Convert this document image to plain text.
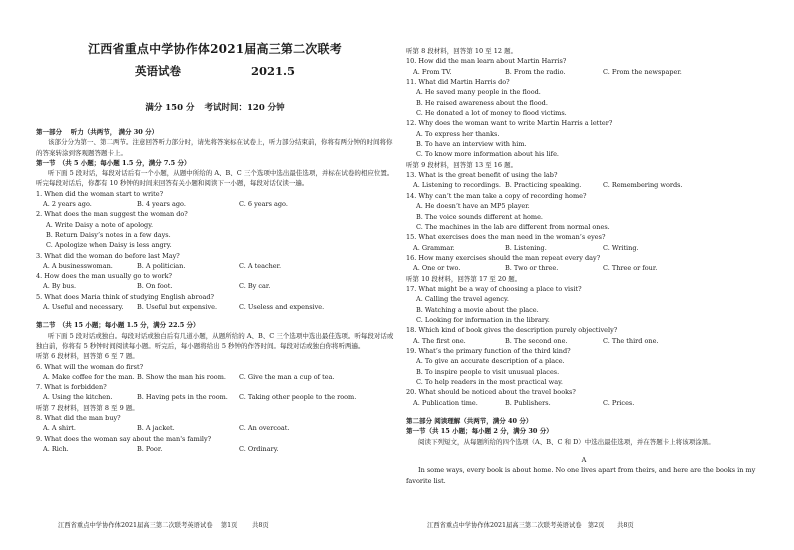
江西省重点中学协作体2021届高三第二次联考
英语试卷	2021.5
满分 150 分 考试时间：120 分钟
第一部分　 听力（共两节， 满分 30 分）
该部分分为第一、第二两节。注意回答听力部分时，请先将答案标在试卷上，听力部分结束前，你将有两分钟的时间将你的答案转涂到客观题答题卡上。
第一节　（共 5 小题；每小题 1.5 分，满分 7.5 分）
听下面 5 段对话，每段对话后有一个小题，从题中所给的 A、B、C 三个选项中选出最佳选项，并标在试卷的相应位置。听完每段对话后，你都有 10 秒钟的时间来回答有关小题和阅读下一小题，每段对话仅读一遍。
1. When did the woman start to write?
A. 2 years ago.	B. 4 years ago.	C. 6 years ago.
2. What does the man suggest the woman do?
A. Write Daisy a note of apology.
B. Return Daisy’s notes in a few days.
C. Apologize when Daisy is less angry.
3. What did the woman do before last May?
A. A businesswoman.	B. A politician.	C. A teacher.
4. How does the man usually go to work?
A. By bus.	B. On foot.	C. By car.
5. What does Maria think of studying English abroad?
A. Useful and necessary.	B. Useful but expensive.	C. Useless and expensive.
第二节　（共 15 小题；每小题 1.5 分，满分 22.5 分）
听下面 5 段对话或独白。每段对话或独白后有几道小题，从题所给的 A、B、C 三个选项中选出最佳选项。听每段对话或独白前，你将有 5 秒钟时间阅读每小题。听完后，每小题将给出 5 秒钟的作答时间。每段对话或独白你将听两遍。
听第 6 段材料，回答第 6 至 7 题。
6. What will the woman do first?
A. Make coffee for the man. B. Show the man his room.	C. Give the man a cup of tea.
7. What is forbidden?
A. Using the kitchen.	B. Having pets in the room.	C. Taking other people to the room.
听第 7 段材料，回答第 8 至 9 题。
8. What did the man buy?
A. A shirt.	B. A jacket.	C. An overcoat.
9. What does the woman say about the man's family?
A. Rich.	B. Poor.	C. Ordinary.
听第 8 段材料，回答第 10 至 12 题。
10. How did the man learn about Martin Harris?
A. From TV.	B. From the radio.	C. From the newspaper.
11. What did Martin Harris do?
A. He saved many people in the flood.
B. He raised awareness about the flood.
C. He donated a lot of money to flood victims.
12. Why does the woman want to write Martin Harris a letter?
A. To express her thanks.
B. To have an interview with him.
C. To know more information about his life.
听第 9 段材料，回答第 13 至 16 题。
13. What is the great benefit of using the lab?
A. Listening to recordings. B. Practicing speaking.	C. Remembering words.
14. Why can’t the man take a copy of recording home?
A. He doesn’t have an MP5 player.
B. The voice sounds different at home.
C. The machines in the lab are different from normal ones.
15. What exercises does the man need in the woman’s eyes?
A. Grammar.	B. Listening.	C. Writing.
16. How many exercises should the man repeat every day?
A. One or two.	B. Two or three.	C. Three or four.
听第 10 段材料，回答第 17 至 20 题。
17. What might be a way of choosing a place to visit?
A. Calling the travel agency.
B. Watching a movie about the place.
C. Looking for information in the library.
18. Which kind of book gives the description purely objectively?
A. The first one.	B. The second one.	C. The third one.
19. What’s the primary function of the third kind?
A. To give an accurate description of a place.
B. To inspire people to visit unusual places.
C. To help readers in the most practical way.
20. What should be noticed about the travel books?
A. Publication time.	B. Publishers.	C. Prices.
第二部分 阅读理解（共两节，满分 40 分）
第一节（共 15 小题；每小题 2 分，满分 30 分）
阅读下列短文，从每题所给的四个选项（A、B、C 和 D）中选出最佳选项，并在答题卡上将该项涂黑。
A
In some ways, every book is about home. No one lives apart from theirs, and here are the books in my favorite list.
江西省重点中学协作体2021届高三第二次联考英语试卷　 第1页　　 共8页	江西省重点中学协作体2021届高三第二次联考英语试卷　第2页　　共8页
